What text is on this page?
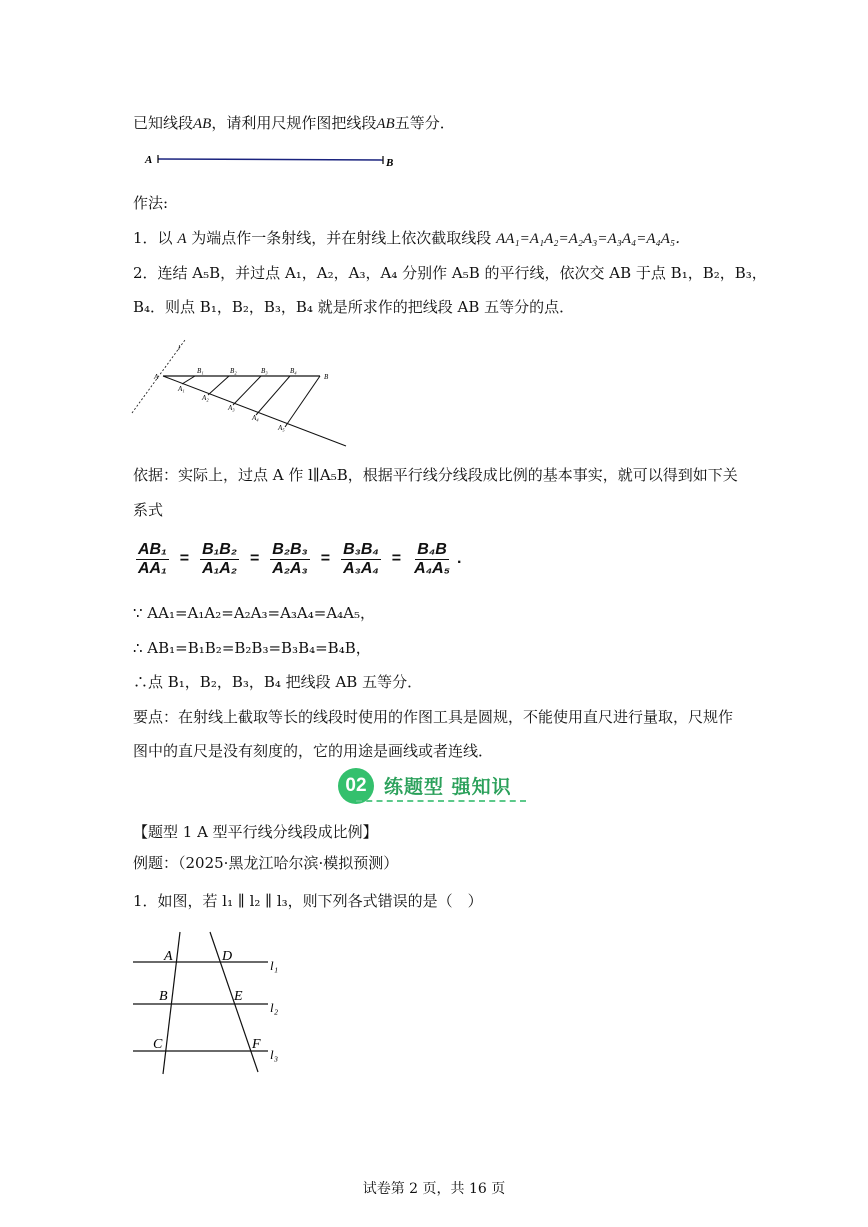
已知线段AB，请利用尺规作图把线段AB五等分．
A	B
作法:
1．以 A 为端点作一条射线，并在射线上依次截取线段 AA₁=A₁A₂=A₂A₃=A₃A₄=A₄A₅．
2．连结 A₅B，并过点 A₁，A₂，A₃，A₄ 分别作 A₅B 的平行线，依次交 AB 于点 B₁，B₂，B₃，
B₄．则点 B₁，B₂，B₃，B₄ 就是所求作的把线段 AB 五等分的点．
l
A	B
B₁	B₂	B₃	B₄
A₁
A₂
A₃
A₄
A₅
依据：实际上，过点 A 作 l∥A₅B，根据平行线分线段成比例的基本事实，就可以得到如下关
系式
$\frac{\text{AB₁}}{\text{AA₁}} = \frac{\text{B₁B₂}}{\text{A₁A₂}} = \frac{\text{B₂B₃}}{\text{A₂A₃}} = \frac{\text{B₃B₄}}{\text{A₃A₄}} = \frac{\text{B₄B}}{\text{A₄A₅}}$ .
∵ AA₁=A₁A₂=A₂A₃=A₃A₄=A₄A₅，
∴ AB₁=B₁B₂=B₂B₃=B₃B₄=B₄B，
∴点 B₁，B₂，B₃，B₄ 把线段 AB 五等分．
要点：在射线上截取等长的线段时使用的作图工具是圆规，不能使用直尺进行量取，尺规作
图中的直尺是没有刻度的，它的用途是画线或者连线．
02 练题型 强知识
【题型 1 A 型平行线分线段成比例】
例题：（2025·黑龙江哈尔滨·模拟预测）
1．如图，若 l₁ ∥ l₂ ∥ l₃，则下列各式错误的是（　）
A
B
C
D
E
F
l₁
l₂
l₃
试卷第 2 页，共 16 页
